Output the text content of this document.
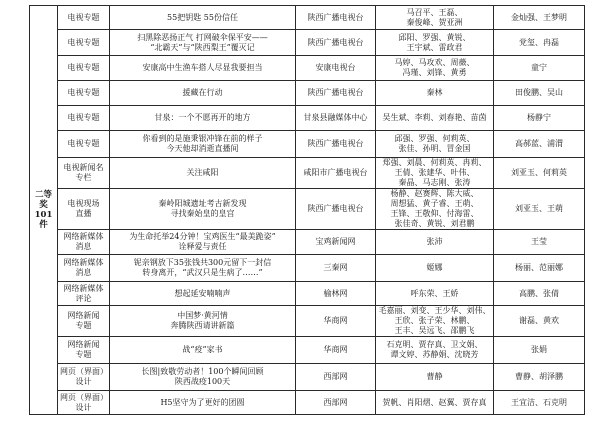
二等奖
101件	电视专题	55把钥匙 55份信任	陕西广播电视台	马召平、王磊、
秦俊峰、贺亚洲	金灿强、王梦明

	电视专题	扫黑除恶扬正气 打网破伞保平安——
“北霸天”与“陕西梨王”覆灭记	陕西广播电视台	邱阳、罗强、黄锐、
王宇斌、雷政君	党玺、冉磊

	电视专题	安康高中生渔车搭人尽显我要担当	安康电视台	马婷、马攻欢、周薇、
冯瑾、刘锋、黄勇	童宁

	电视专题	援藏在行动	陕西广播电视台	秦林	田俊鹏、吴山

	电视专题	甘泉：一个不愿再开的地方	甘泉县融媒体中心	吴生斌、李莉、刘春艳、苗茵	杨静宁

	电视专题	你看到的是施秉银冲锋在前的样子
今天他却消逝直播间	陕西广播电视台	邱强、罗强、何莉英、
张佳、孙明、冒金国	高郝蓝、浦渭

	电视新闻名
专栏	关注咸阳	咸阳市广播电视台	郑强、刘晨、何莉英、冉莉、
王倩、张建华、叶伟、
秦晶、马志刚、张涛	刘亚玉、何莉英

	电视现场
直播	秦岭阳城遗址考古新发现
寻找秦始皇的皇宫	陕西广播电视台	杨静、赵赛辉、陈大威、
周想猛、黄子睿、王萌、
王锋、王敬仰、付海雷、
张佳奇、黄锐、刘君鹏	刘亚玉、王萌

	网络新媒体
消息	为生命托举24分钟！宝鸡医生“最美跪姿”
诠释爱与责任	宝鸡新闻网	张沛	王莹

	网络新媒体
消息	铌亲钢放下35张钱共300元留下一封信
转身离开，“武汉只是生病了……”	三秦网	姬娜	杨丽、范丽娜

	网络新媒体
评论	想起延安喃喃声	榆林网	呼东荣、王娇	高鹏、张倩

	网络新闻
专题	中国梦·黄河情
奔腾陕西请讲新篇	华商网	毛嘉丽、刘变、王少华、刘伟、
王欣、张子荣、林鹏、
王丰、吴远飞、邵鹏飞	谢磊、黄欢

	网络新闻
专题	战“疫”家书	华商网	石克明、贾存真、卫文娟、
谭文婷、苏静娟、沈晓芳	张娟

	网页（界面）
设计	长图|致敬劳动者！100个瞬间回顾
陕西战疫100天	西部网	曹静	曹静、胡泽鹏

	网页（界面）
设计	H5坚守为了更好的团圆	西部网	贺帆、肖阳熠、赵翼、贾存真	王宜洁、石克明
